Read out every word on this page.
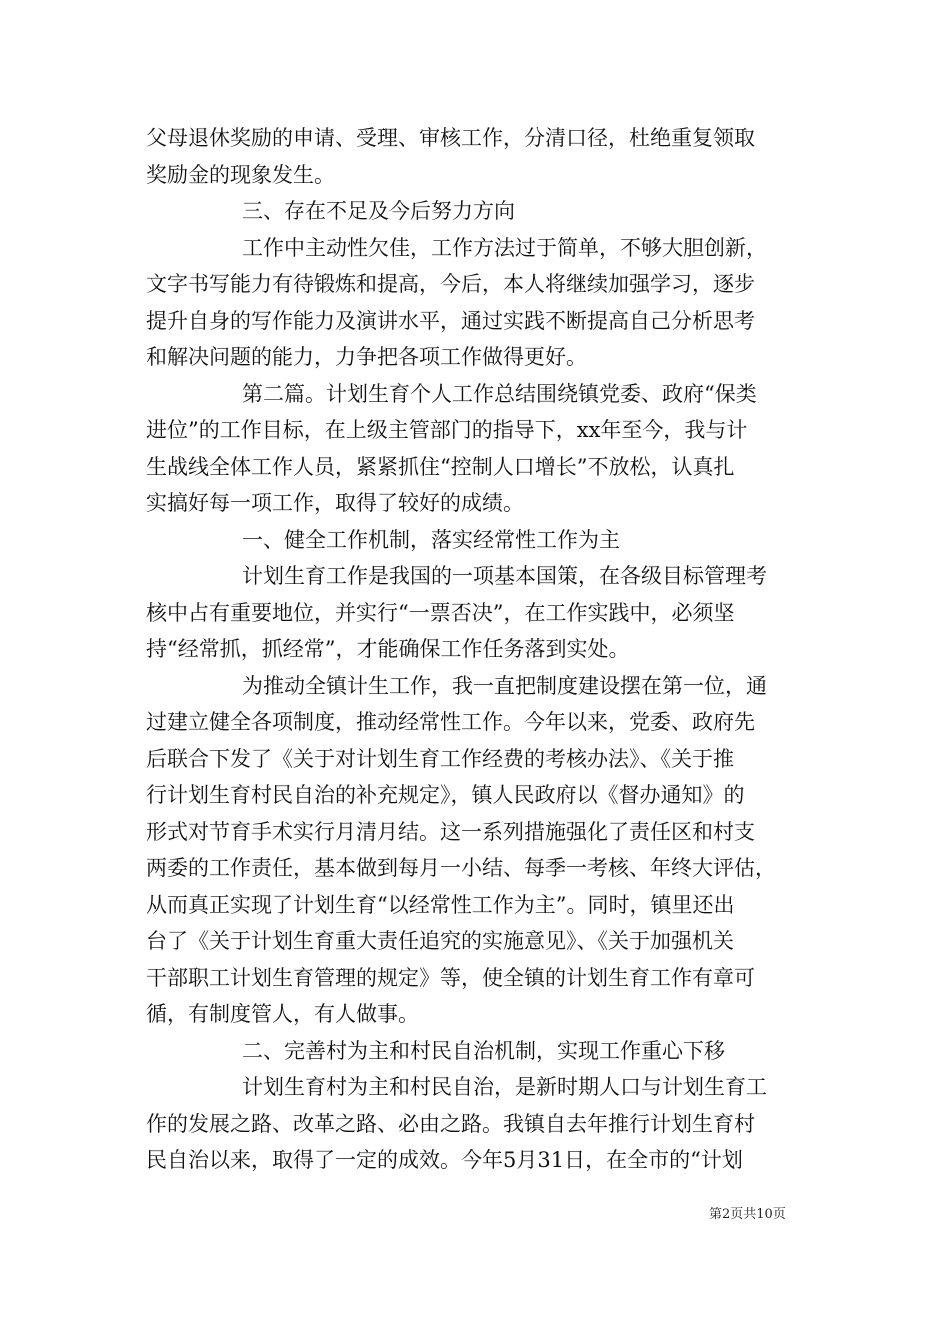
父母退休奖励的申请、受理、审核工作，分清口径，杜绝重复领取
奖励金的现象发生。
三、存在不足及今后努力方向
工作中主动性欠佳，工作方法过于简单，不够大胆创新，
文字书写能力有待锻炼和提高，今后，本人将继续加强学习，逐步
提升自身的写作能力及演讲水平，通过实践不断提高自己分析思考
和解决问题的能力，力争把各项工作做得更好。
第二篇。计划生育个人工作总结围绕镇党委、政府“保类
进位”的工作目标，在上级主管部门的指导下，xx年至今，我与计
生战线全体工作人员，紧紧抓住“控制人口增长”不放松，认真扎
实搞好每一项工作，取得了较好的成绩。
一、健全工作机制，落实经常性工作为主
计划生育工作是我国的一项基本国策，在各级目标管理考
核中占有重要地位，并实行“一票否决”，在工作实践中，必须坚
持“经常抓，抓经常”，才能确保工作任务落到实处。
为推动全镇计生工作，我一直把制度建设摆在第一位，通
过建立健全各项制度，推动经常性工作。今年以来，党委、政府先
后联合下发了《关于对计划生育工作经费的考核办法》、《关于推
行计划生育村民自治的补充规定》，镇人民政府以《督办通知》的
形式对节育手术实行月清月结。这一系列措施强化了责任区和村支
两委的工作责任，基本做到每月一小结、每季一考核、年终大评估，
从而真正实现了计划生育“以经常性工作为主”。同时，镇里还出
台了《关于计划生育重大责任追究的实施意见》、《关于加强机关
干部职工计划生育管理的规定》等，使全镇的计划生育工作有章可
循，有制度管人，有人做事。
二、完善村为主和村民自治机制，实现工作重心下移
计划生育村为主和村民自治，是新时期人口与计划生育工
作的发展之路、改革之路、必由之路。我镇自去年推行计划生育村
民自治以来，取得了一定的成效。今年5月31日，在全市的“计划
第2页共10页
